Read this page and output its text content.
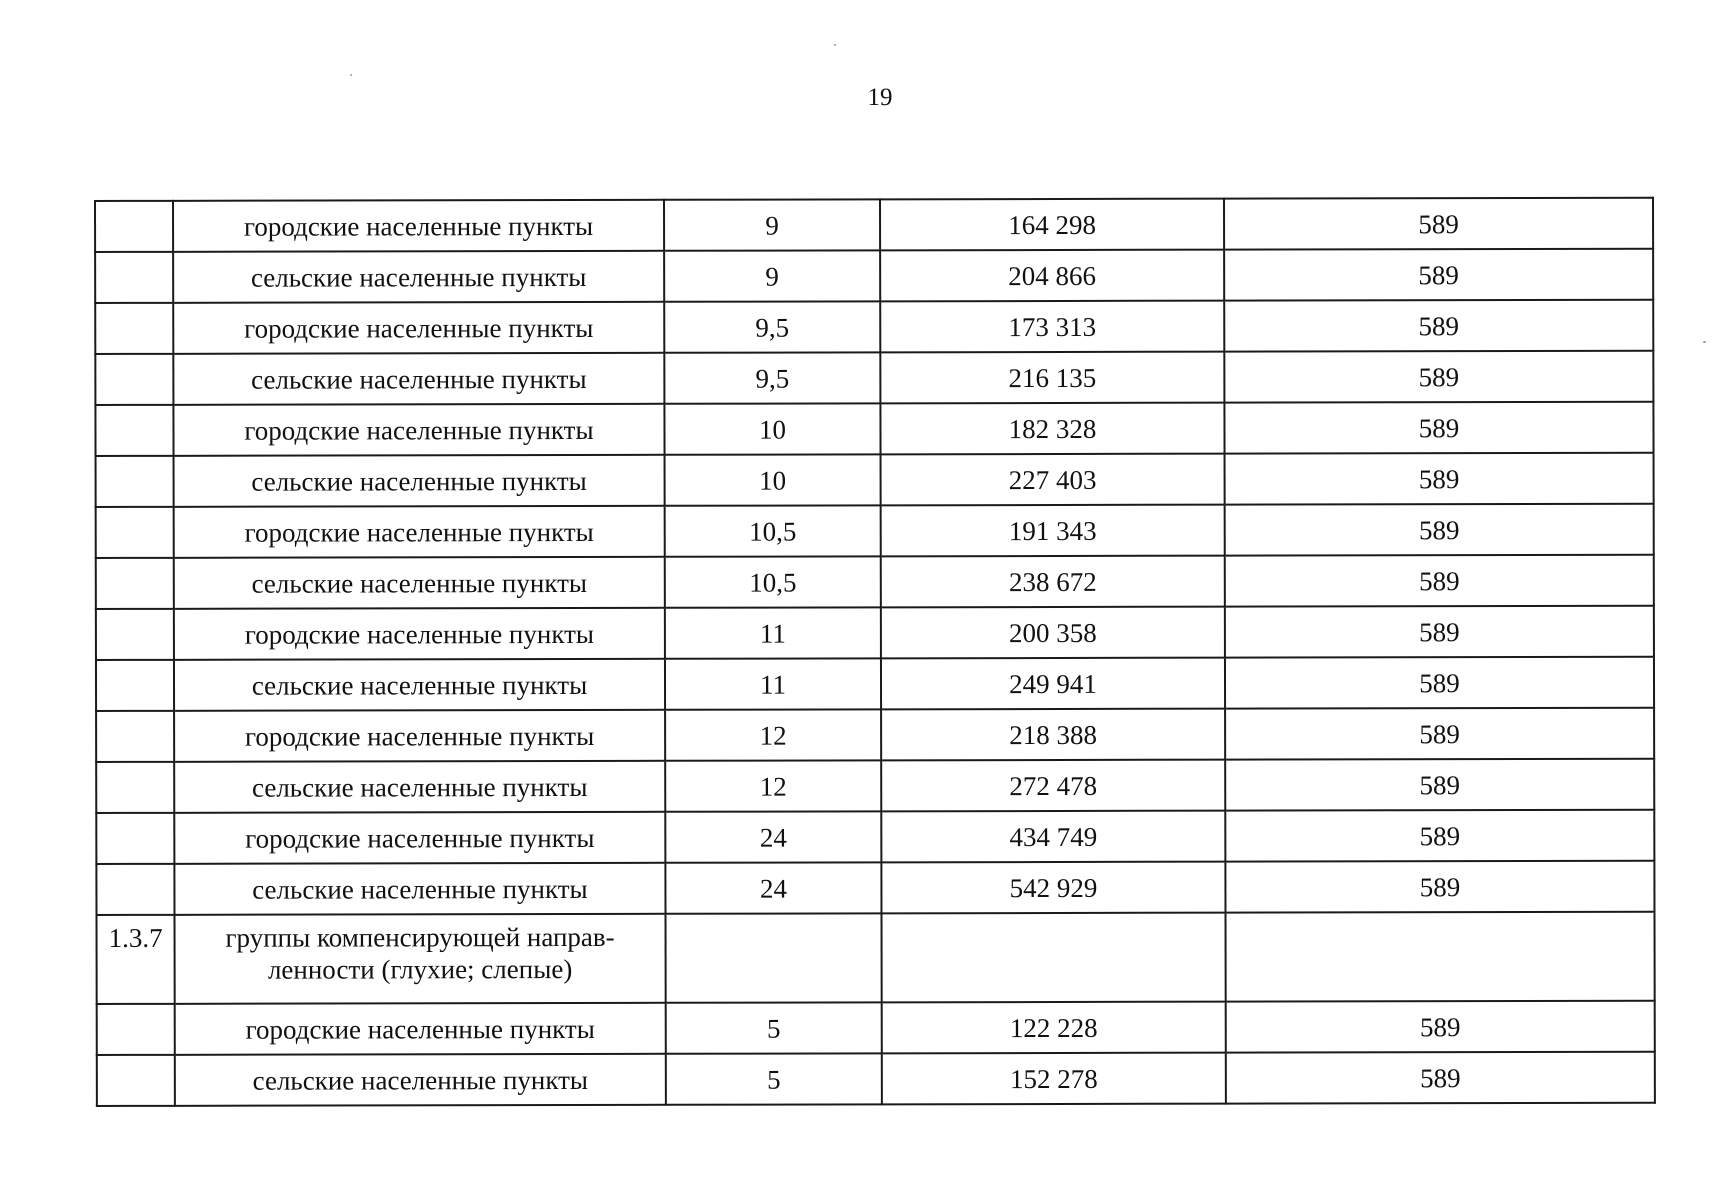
19
	городские населенные пункты	9	164 298	589
	сельские населенные пункты	9	204 866	589
	городские населенные пункты	9,5	173 313	589
	сельские населенные пункты	9,5	216 135	589
	городские населенные пункты	10	182 328	589
	сельские населенные пункты	10	227 403	589
	городские населенные пункты	10,5	191 343	589
	сельские населенные пункты	10,5	238 672	589
	городские населенные пункты	11	200 358	589
	сельские населенные пункты	11	249 941	589
	городские населенные пункты	12	218 388	589
	сельские населенные пункты	12	272 478	589
	городские населенные пункты	24	434 749	589
	сельские населенные пункты	24	542 929	589
1.3.7	группы компенсирующей направ-
ленности (глухие; слепые)			
	городские населенные пункты	5	122 228	589
	сельские населенные пункты	5	152 278	589
